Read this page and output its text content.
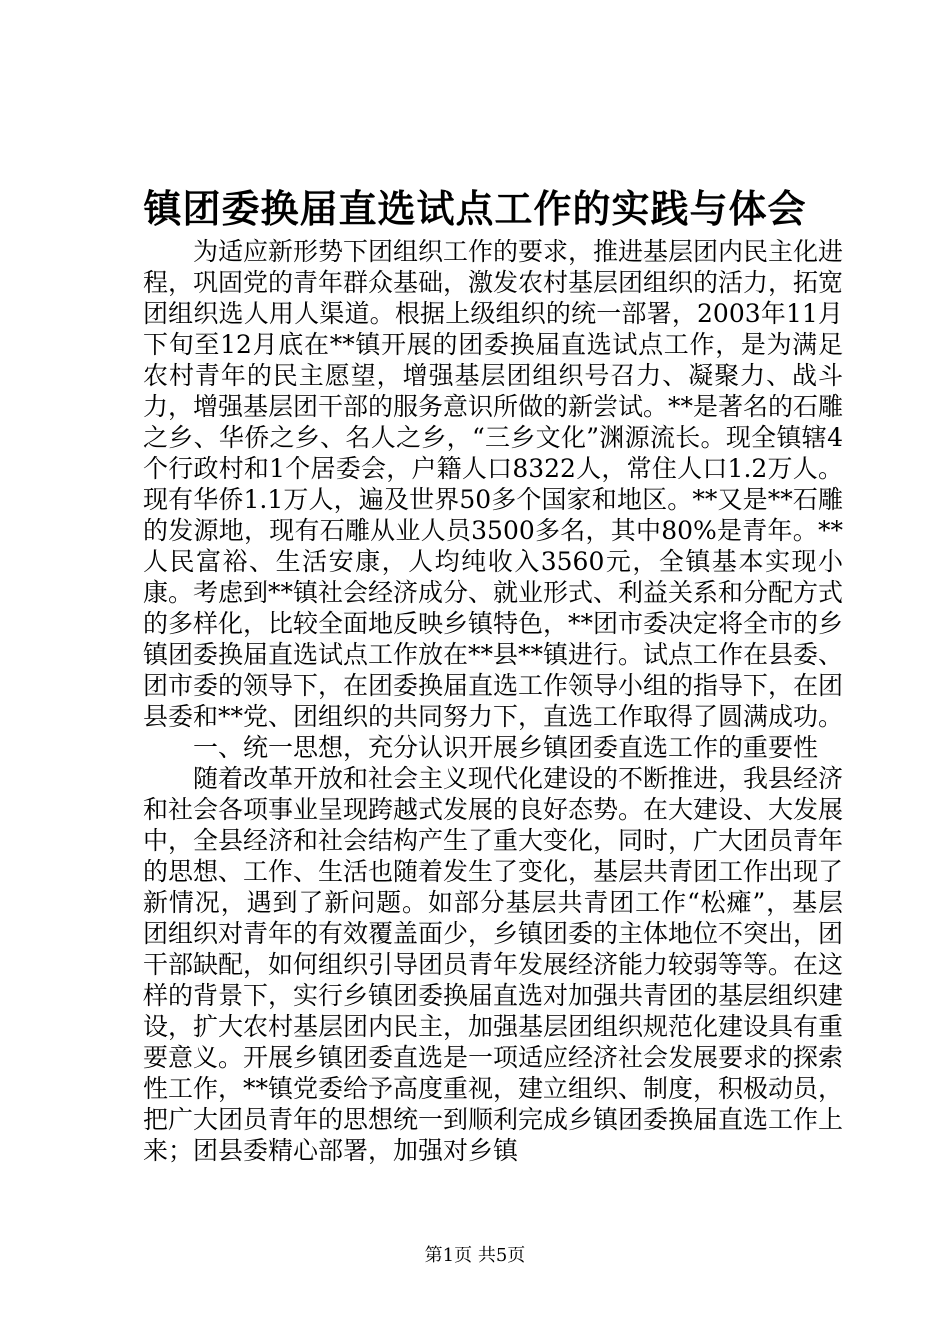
镇团委换届直选试点工作的实践与体会

为适应新形势下团组织工作的要求，推进基层团内民主化进程，巩固党的青年群众基础，激发农村基层团组织的活力，拓宽团组织选人用人渠道。根据上级组织的统一部署，2003年11月下旬至12月底在**镇开展的团委换届直选试点工作，是为满足农村青年的民主愿望，增强基层团组织号召力、凝聚力、战斗力，增强基层团干部的服务意识所做的新尝试。**是著名的石雕之乡、华侨之乡、名人之乡，“三乡文化”渊源流长。现全镇辖4个行政村和1个居委会，户籍人口8322人，常住人口1.2万人。现有华侨1.1万人，遍及世界50多个国家和地区。**又是**石雕的发源地，现有石雕从业人员3500多名，其中80%是青年。**人民富裕、生活安康，人均纯收入3560元，全镇基本实现小康。考虑到**镇社会经济成分、就业形式、利益关系和分配方式的多样化，比较全面地反映乡镇特色，**团市委决定将全市的乡镇团委换届直选试点工作放在**县**镇进行。试点工作在县委、团市委的领导下，在团委换届直选工作领导小组的指导下，在团县委和**党、团组织的共同努力下，直选工作取得了圆满成功。

一、统一思想，充分认识开展乡镇团委直选工作的重要性

随着改革开放和社会主义现代化建设的不断推进，我县经济和社会各项事业呈现跨越式发展的良好态势。在大建设、大发展中，全县经济和社会结构产生了重大变化，同时，广大团员青年的思想、工作、生活也随着发生了变化，基层共青团工作出现了新情况，遇到了新问题。如部分基层共青团工作“松瘫”，基层团组织对青年的有效覆盖面少，乡镇团委的主体地位不突出，团干部缺配，如何组织引导团员青年发展经济能力较弱等等。在这样的背景下，实行乡镇团委换届直选对加强共青团的基层组织建设，扩大农村基层团内民主，加强基层团组织规范化建设具有重要意义。开展乡镇团委直选是一项适应经济社会发展要求的探索性工作，**镇党委给予高度重视，建立组织、制度，积极动员，把广大团员青年的思想统一到顺利完成乡镇团委换届直选工作上来；团县委精心部署，加强对乡镇

第1页 共5页
